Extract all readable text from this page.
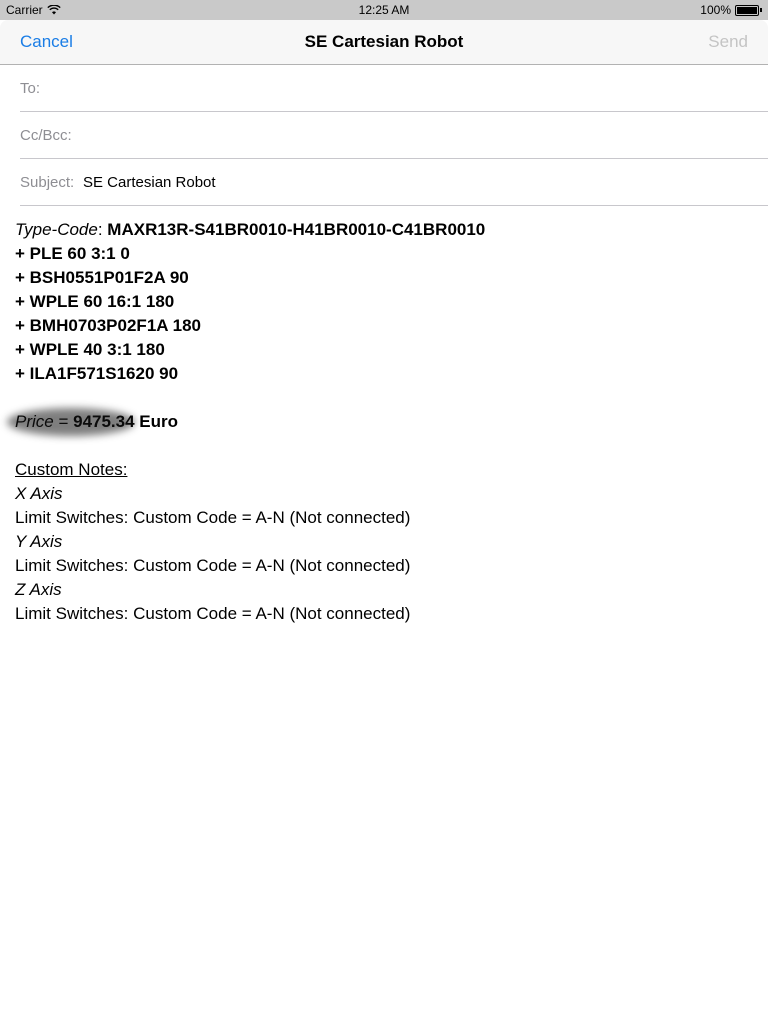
Carrier	12:25 AM	100%
Cancel	SE Cartesian Robot	Send
To:
Cc/Bcc:
Subject: SE Cartesian Robot
Type-Code: MAXR13R-S41BR0010-H41BR0010-C41BR0010
+ PLE 60 3:1 0
+ BSH0551P01F2A 90
+ WPLE 60 16:1 180
+ BMH0703P02F1A 180
+ WPLE 40 3:1 180
+ ILA1F571S1620 90
Euro
Custom Notes:
X Axis
Limit Switches: Custom Code = A-N (Not connected)
Y Axis
Limit Switches: Custom Code = A-N (Not connected)
Z Axis
Limit Switches: Custom Code = A-N (Not connected)
